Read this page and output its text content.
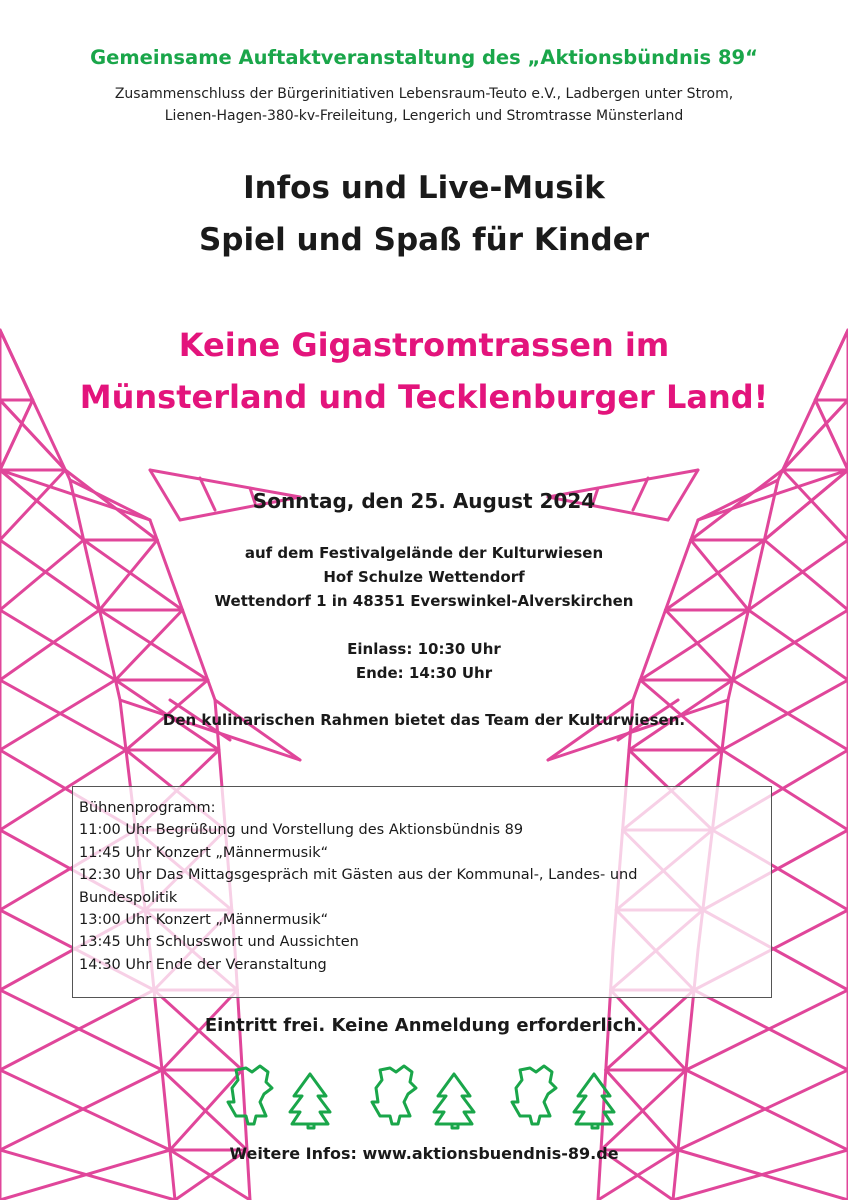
Gemeinsame Auftaktveranstaltung des „Aktionsbündnis 89“

Zusammenschluss der Bürgerinitiativen Lebensraum-Teuto e.V., Ladbergen unter Strom,

Lienen-Hagen-380-kv-Freileitung, Lengerich und Stromtrasse Münsterland

Infos und Live-Musik

Spiel und Spaß für Kinder

Keine Gigastromtrassen im

Münsterland und Tecklenburger Land!

Sonntag, den 25. August 2024

auf dem Festivalgelände der Kulturwiesen

Hof Schulze Wettendorf

Wettendorf 1 in 48351 Everswinkel-Alverskirchen

Einlass: 10:30 Uhr

Ende: 14:30 Uhr

Den kulinarischen Rahmen bietet das Team der Kulturwiesen.

Bühnenprogramm:

11:00 Uhr Begrüßung und Vorstellung des Aktionsbündnis 89

11:45 Uhr Konzert „Männermusik“

12:30 Uhr Das Mittagsgespräch mit Gästen aus der Kommunal-, Landes- und

Bundespolitik

13:00 Uhr Konzert „Männermusik“

13:45 Uhr Schlusswort und Aussichten

14:30 Uhr Ende der Veranstaltung

Eintritt frei. Keine Anmeldung erforderlich.

Weitere Infos: www.aktionsbuendnis-89.de
